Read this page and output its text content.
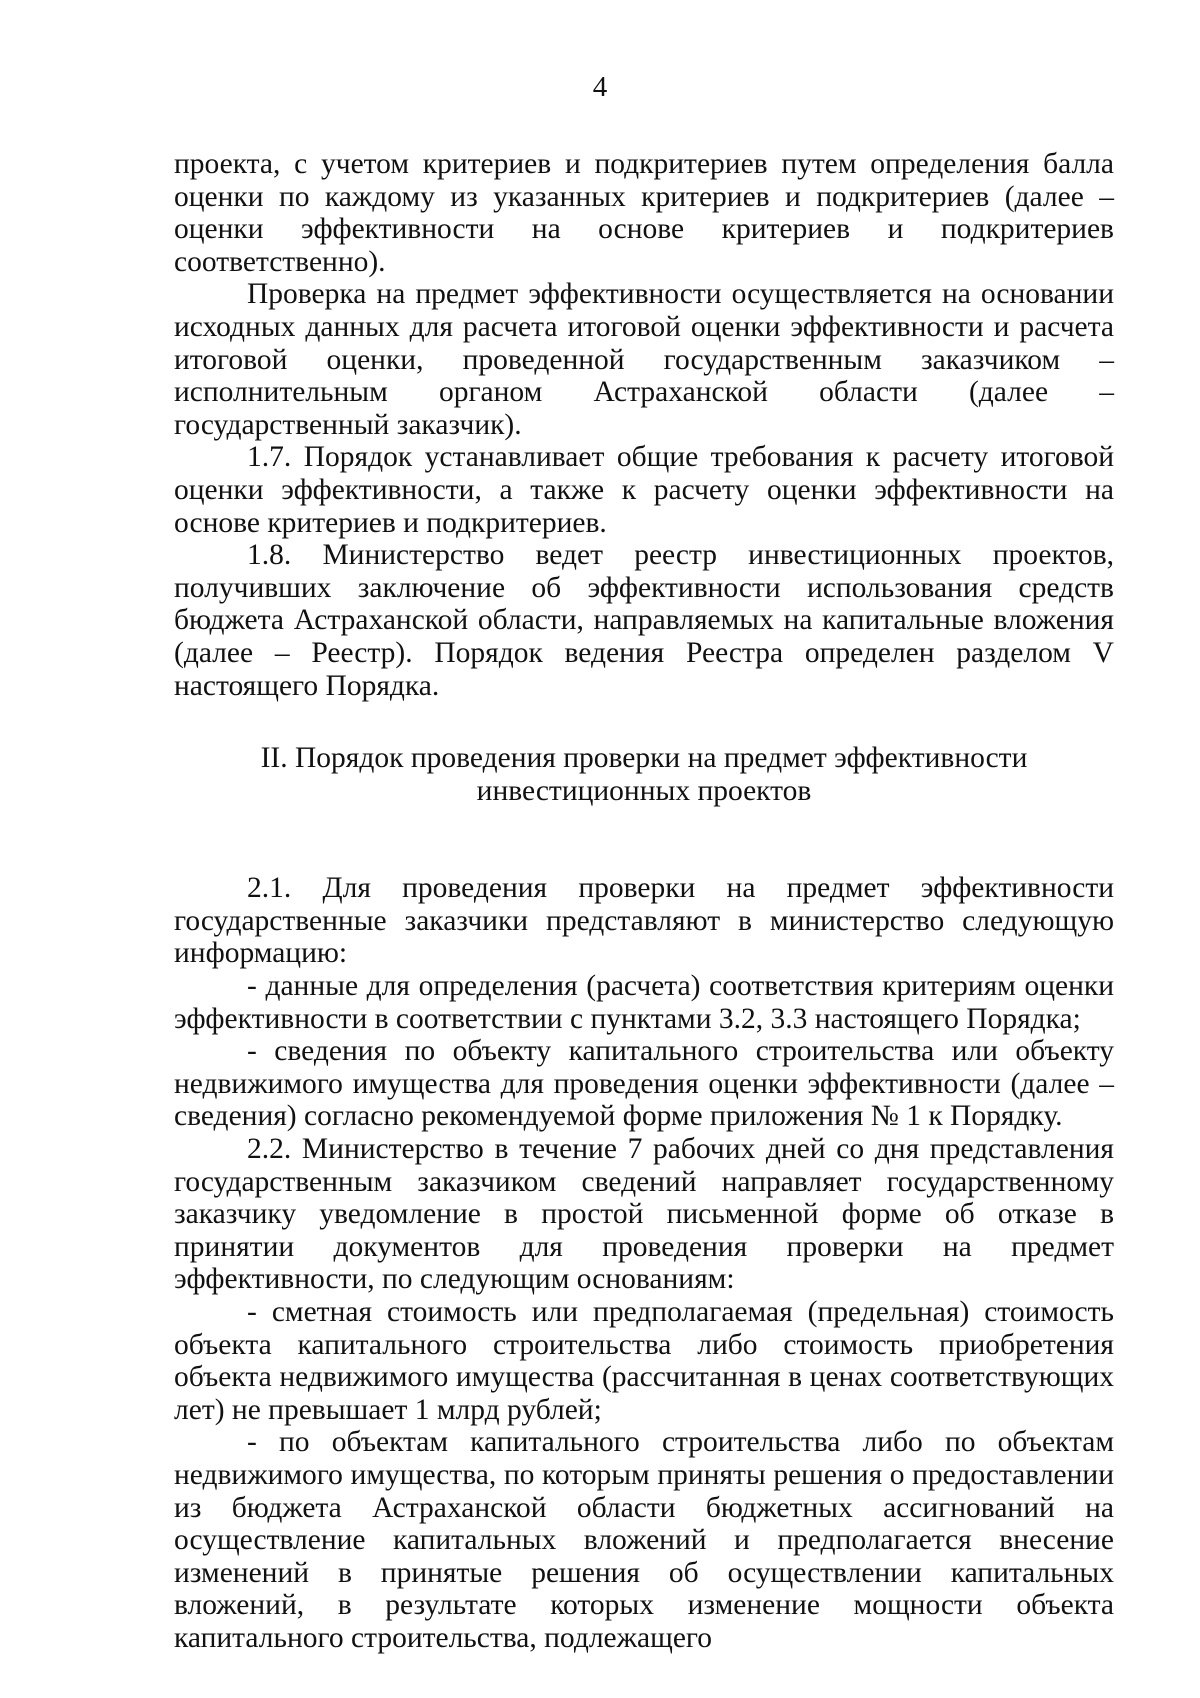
4

проекта, с учетом критериев и подкритериев путем определения балла оценки по каждому из указанных критериев и подкритериев (далее – оценки эффективности на основе критериев и подкритериев соответственно).

Проверка на предмет эффективности осуществляется на основании исходных данных для расчета итоговой оценки эффективности и расчета итоговой оценки, проведенной государственным заказчиком – исполнительным органом Астраханской области (далее – государственный заказчик).

1.7. Порядок устанавливает общие требования к расчету итоговой оценки эффективности, а также к расчету оценки эффективности на основе критериев и подкритериев.

1.8. Министерство ведет реестр инвестиционных проектов, получивших заключение об эффективности использования средств бюджета Астраханской области, направляемых на капитальные вложения (далее – Реестр). Порядок ведения Реестра определен разделом V настоящего Порядка.

II. Порядок проведения проверки на предмет эффективности
инвестиционных проектов

2.1. Для проведения проверки на предмет эффективности государственные заказчики представляют в министерство следующую информацию:

- данные для определения (расчета) соответствия критериям оценки эффективности в соответствии с пунктами 3.2, 3.3 настоящего Порядка;

- сведения по объекту капитального строительства или объекту недвижимого имущества для проведения оценки эффективности (далее – сведения) согласно рекомендуемой форме приложения № 1 к Порядку.

2.2. Министерство в течение 7 рабочих дней со дня представления государственным заказчиком сведений направляет государственному заказчику уведомление в простой письменной форме об отказе в принятии документов для проведения проверки на предмет эффективности, по следующим основаниям:

- сметная стоимость или предполагаемая (предельная) стоимость объекта капитального строительства либо стоимость приобретения объекта недвижимого имущества (рассчитанная в ценах соответствующих лет) не превышает 1 млрд рублей;

- по объектам капитального строительства либо по объектам недвижимого имущества, по которым приняты решения о предоставлении из бюджета Астраханской области бюджетных ассигнований на осуществление капитальных вложений и предполагается внесение изменений в принятые решения об осуществлении капитальных вложений, в результате которых изменение мощности объекта капитального строительства, подлежащего
